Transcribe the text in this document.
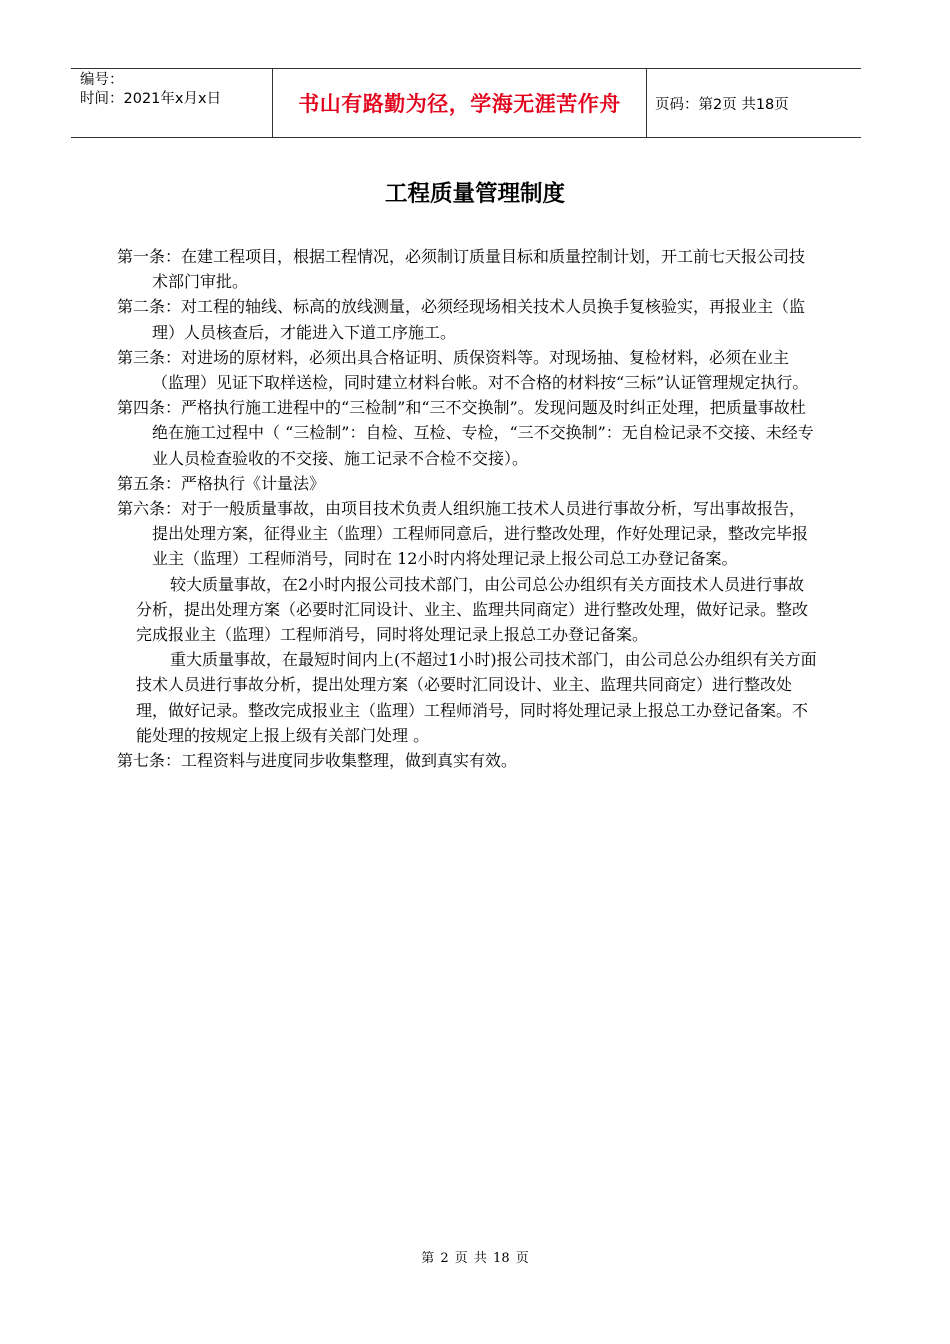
编号：
时间：2021年x月x日	书山有路勤为径，学海无涯苦作舟 页码：第2页 共18页
工程质量管理制度

第一条：在建工程项目，根据工程情况，必须制订质量目标和质量控制计划，开工前七天报公司技术部门审批。

第二条：对工程的轴线、标高的放线测量，必须经现场相关技术人员换手复核验实，再报业主（监理）人员核查后，才能进入下道工序施工。

第三条：对进场的原材料，必须出具合格证明、质保资料等。对现场抽、复检材料，必须在业主（监理）见证下取样送检，同时建立材料台帐。对不合格的材料按“三标”认证管理规定执行。

第四条：严格执行施工进程中的“三检制”和“三不交换制”。发现问题及时纠正处理，把质量事故杜绝在施工过程中（ “三检制”：自检、互检、专检，“三不交换制”：无自检记录不交接、未经专业人员检查验收的不交接、施工记录不合检不交接）。

第五条：严格执行《计量法》

第六条：对于一般质量事故，由项目技术负责人组织施工技术人员进行事故分析，写出事故报告，提出处理方案，征得业主（监理）工程师同意后，进行整改处理，作好处理记录，整改完毕报业主（监理）工程师消号，同时在 12小时内将处理记录上报公司总工办登记备案。

较大质量事故，在2小时内报公司技术部门，由公司总公办组织有关方面技术人员进行事故分析，提出处理方案（必要时汇同设计、业主、监理共同商定）进行整改处理，做好记录。整改完成报业主（监理）工程师消号，同时将处理记录上报总工办登记备案。

重大质量事故，在最短时间内上(不超过1小时)报公司技术部门，由公司总公办组织有关方面技术人员进行事故分析，提出处理方案（必要时汇同设计、业主、监理共同商定）进行整改处理，做好记录。整改完成报业主（监理）工程师消号，同时将处理记录上报总工办登记备案。不能处理的按规定上报上级有关部门处理 。

第七条：工程资料与进度同步收集整理，做到真实有效。

第 2 页 共 18 页
